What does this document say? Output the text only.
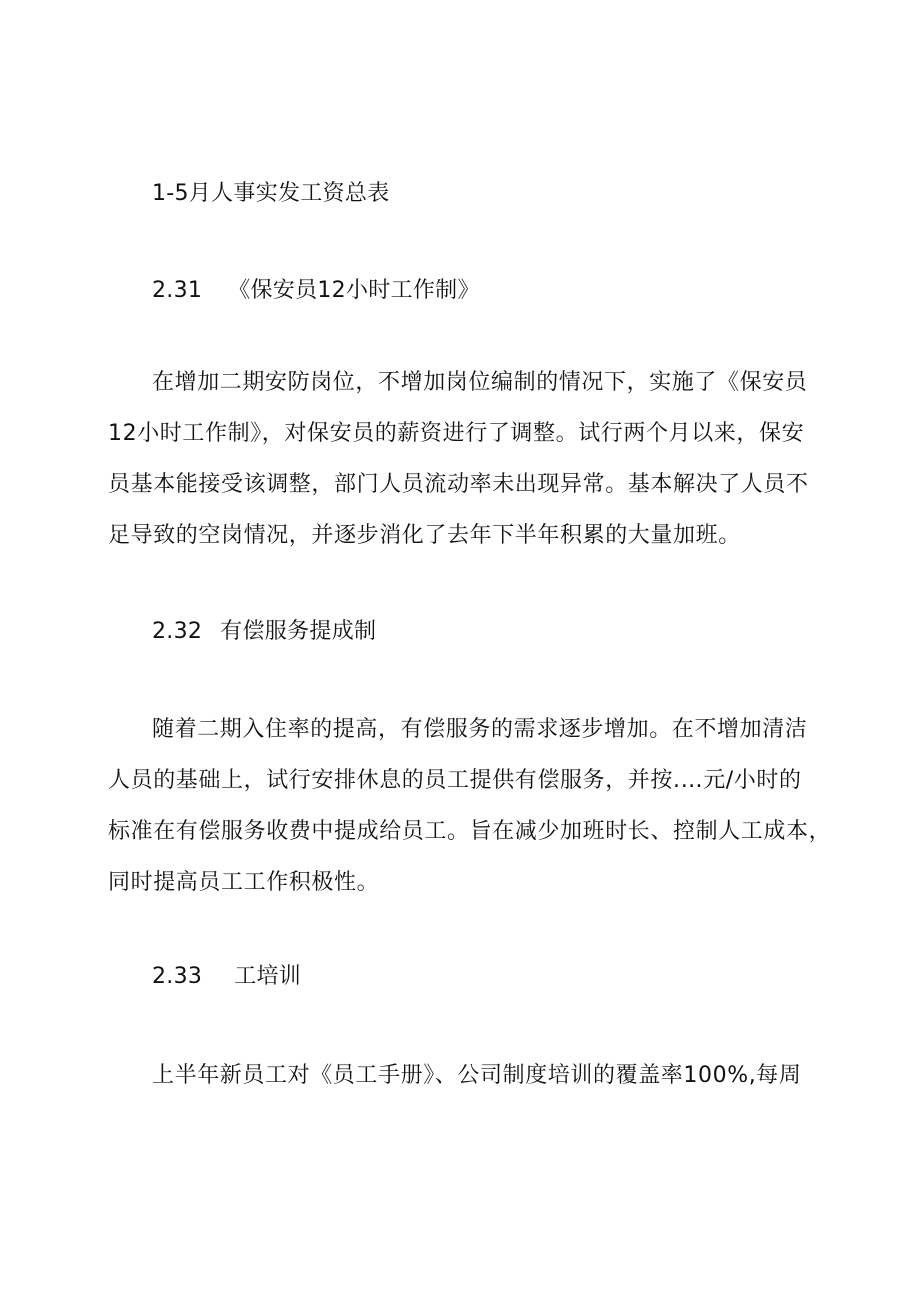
1-5月人事实发工资总表
2.31 《保安员12小时工作制》
在增加二期安防岗位，不增加岗位编制的情况下，实施了《保安员
12小时工作制》，对保安员的薪资进行了调整。试行两个月以来，保安
员基本能接受该调整，部门人员流动率未出现异常。基本解决了人员不
足导致的空岗情况，并逐步消化了去年下半年积累的大量加班。
2.32 有偿服务提成制
随着二期入住率的提高，有偿服务的需求逐步增加。在不增加清洁
人员的基础上，试行安排休息的员工提供有偿服务，并按.…元/小时的
标准在有偿服务收费中提成给员工。旨在减少加班时长、控制人工成本，
同时提高员工工作积极性。
2.33 工培训
上半年新员工对《员工手册》、公司制度培训的覆盖率100%,每周
